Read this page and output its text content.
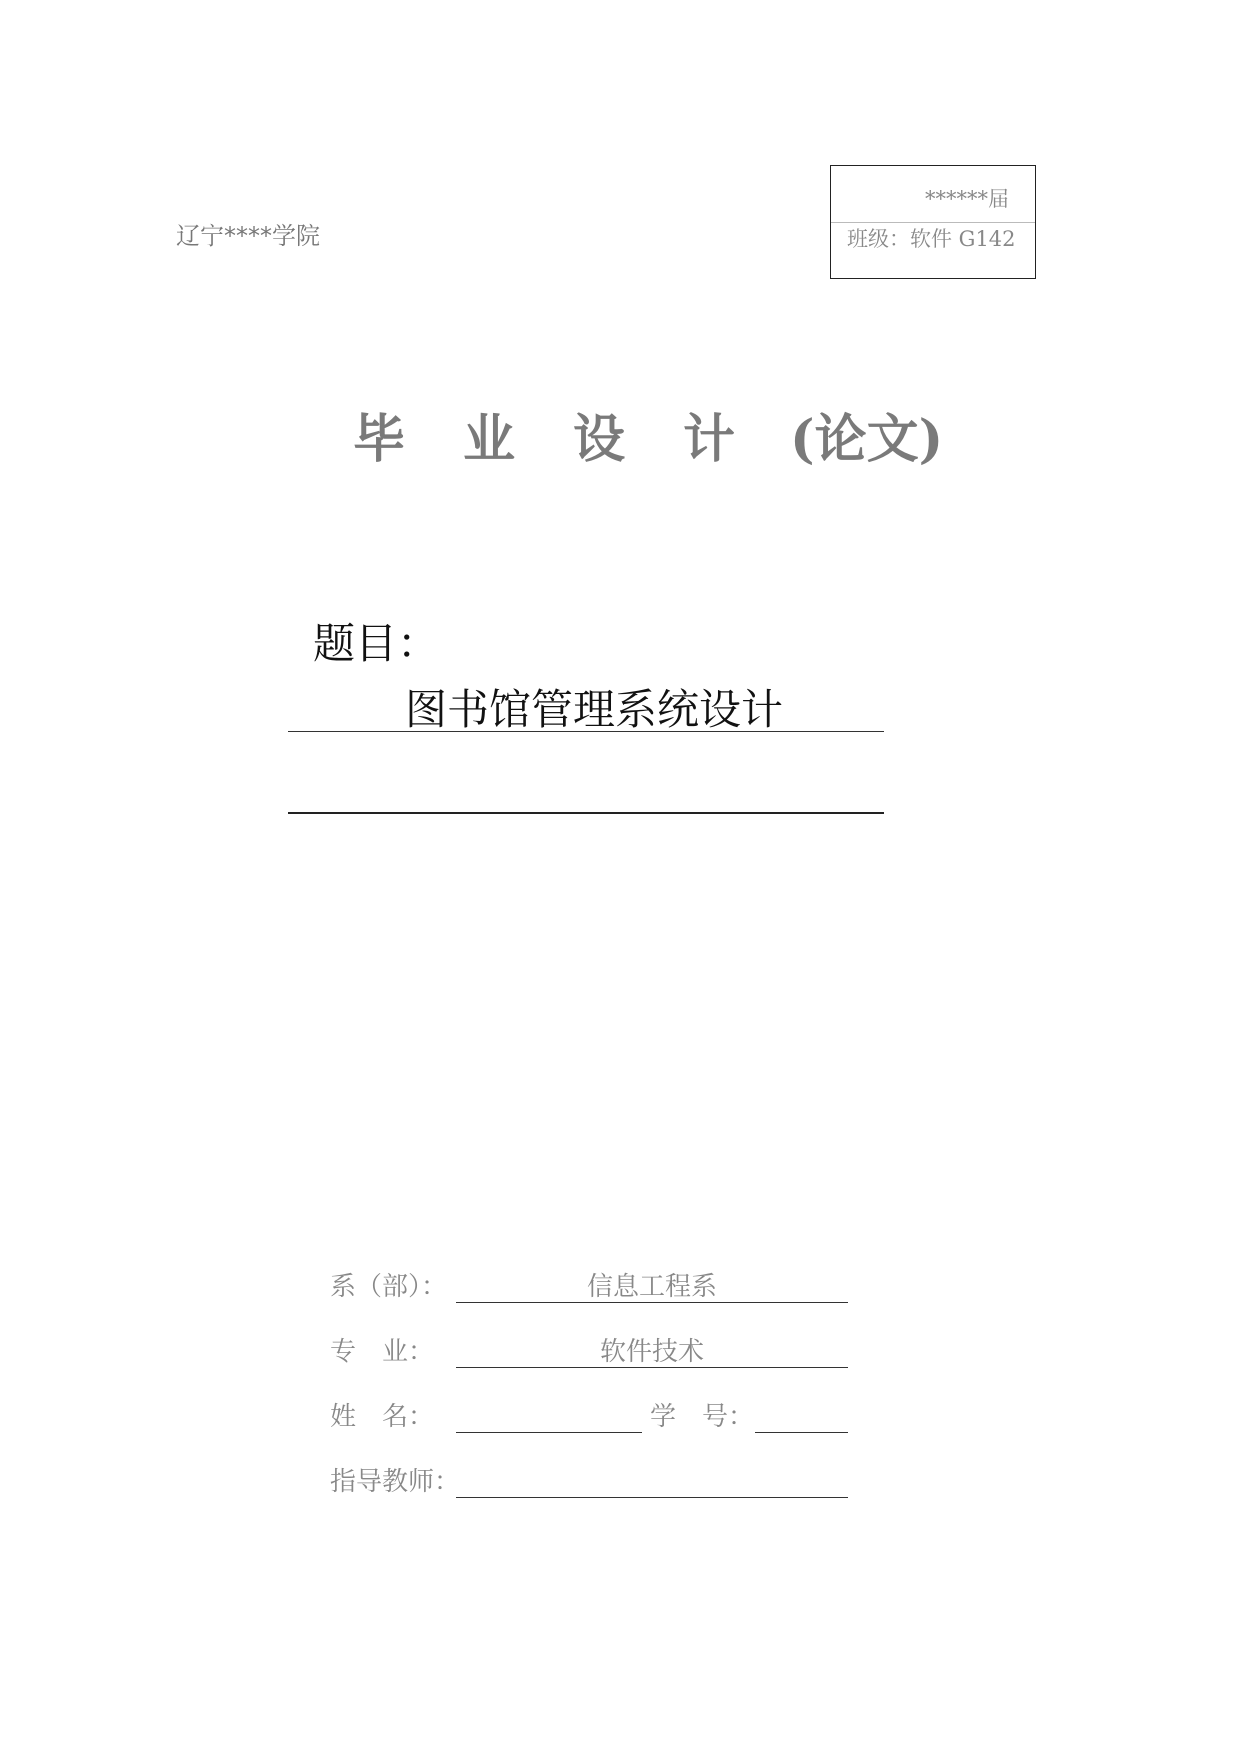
辽宁****学院
******届
班级：软件 G142
毕 业 设 计 (论文)
题目：
图书馆管理系统设计
系（部）：	信息工程系
专　业：	软件技术
姓　名：	学　号：
指导教师：
